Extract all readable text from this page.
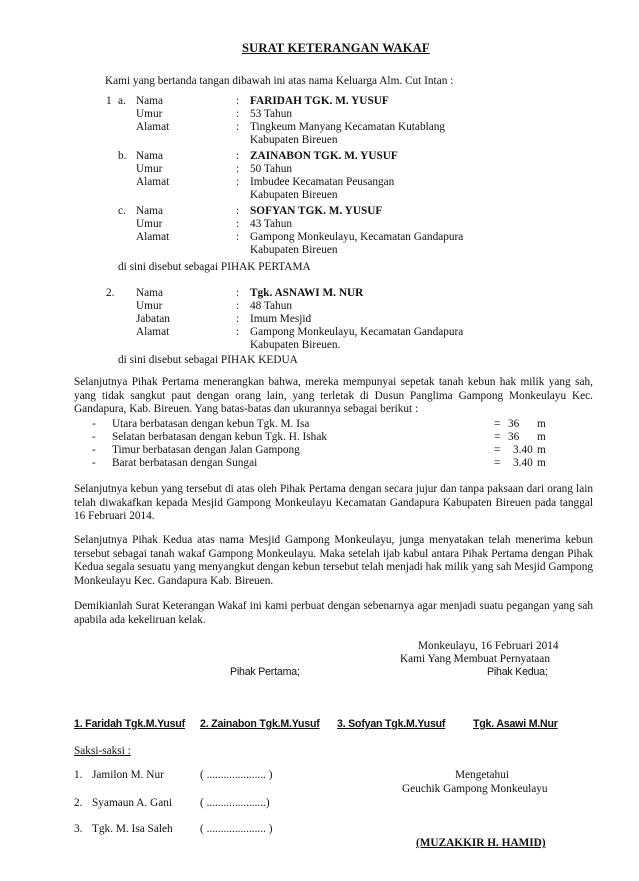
SURAT KETERANGAN WAKAF
Kami yang bertanda tangan dibawah ini atas nama Keluarga Alm. Cut Intan :
1 a. Nama	: FARIDAH TGK. M. YUSUF
Umur	: 53 Tahun
Alamat	: Tingkeum Manyang Kecamatan Kutablang
Kabupaten Bireuen
b. Nama	: ZAINABON TGK. M. YUSUF
Umur	: 50 Tahun
Alamat	: Imbudee Kecamatan Peusangan
Kabupaten Bireuen
c. Nama	: SOFYAN TGK. M. YUSUF
Umur	: 43 Tahun
Alamat	: Gampong Monkeulayu, Kecamatan Gandapura
Kabupaten Bireuen
di sini disebut sebagai PIHAK PERTAMA
2. Nama	: Tgk. ASNAWI M. NUR
Umur	: 48 Tahun
Jabatan	: Imum Mesjid
Alamat	: Gampong Monkeulayu, Kecamatan Gandapura
Kabupaten Bireuen.
di sini disebut sebagai PIHAK KEDUA

Selanjutnya Pihak Pertama menerangkan bahwa, mereka mempunyai sepetak tanah kebun hak milik yang sah, yang tidak sangkut paut dengan orang lain, yang terletak di Dusun Panglima Gampong Monkeulayu Kec. Gandapura, Kab. Bireuen. Yang batas-batas dan ukurannya sebagai berikut :

- Utara berbatasan dengan kebun Tgk. M. Isa	= 36 m
- Selatan berbatasan dengan kebun Tgk. H. Ishak	= 36 m
- Timur berbatasan dengan Jalan Gampong	= 3.40 m
- Barat berbatasan dengan Sungai	= 3.40 m

Selanjutnya kebun yang tersebut di atas oleh Pihak Pertama dengan secara jujur dan tanpa paksaan dari orang lain telah diwakafkan kepada Mesjid Gampong Monkeulayu Kecamatan Gandapura Kabupaten Bireuen pada tanggal 16 Februari 2014.

Selanjutnya Pihak Kedua atas nama Mesjid Gampong Monkeulayu, junga menyatakan telah menerima kebun tersebut sebagai tanah wakaf Gampong Monkeulayu. Maka setelah ijab kabul antara Pihak Pertama dengan Pihak Kedua segala sesuatu yang menyangkut dengan kebun tersebut telah menjadi hak milik yang sah Mesjid Gampong Monkeulayu Kec. Gandapura Kab. Bireuen.

Demikianlah Surat Keterangan Wakaf ini kami perbuat dengan sebenarnya agar menjadi suatu pegangan yang sah apabila ada kekeliruan kelak.

Monkeulayu, 16 Februari 2014
Kami Yang Membuat Pernyataan
Pihak Pertama;	Pihak Kedua;
1. Faridah Tgk.M.Yusuf 2. Zainabon Tgk.M.Yusuf 3. Sofyan Tgk.M.Yusuf	Tgk. Asawi M.Nur
Saksi-saksi :
1. Jamilon M. Nur	( ..................... )
2. Syamaun A. Gani ( .....................)
3. Tgk. M. Isa Saleh ( ..................... )
Mengetahui
Geuchik Gampong Monkeulayu
(MUZAKKIR H. HAMID)
